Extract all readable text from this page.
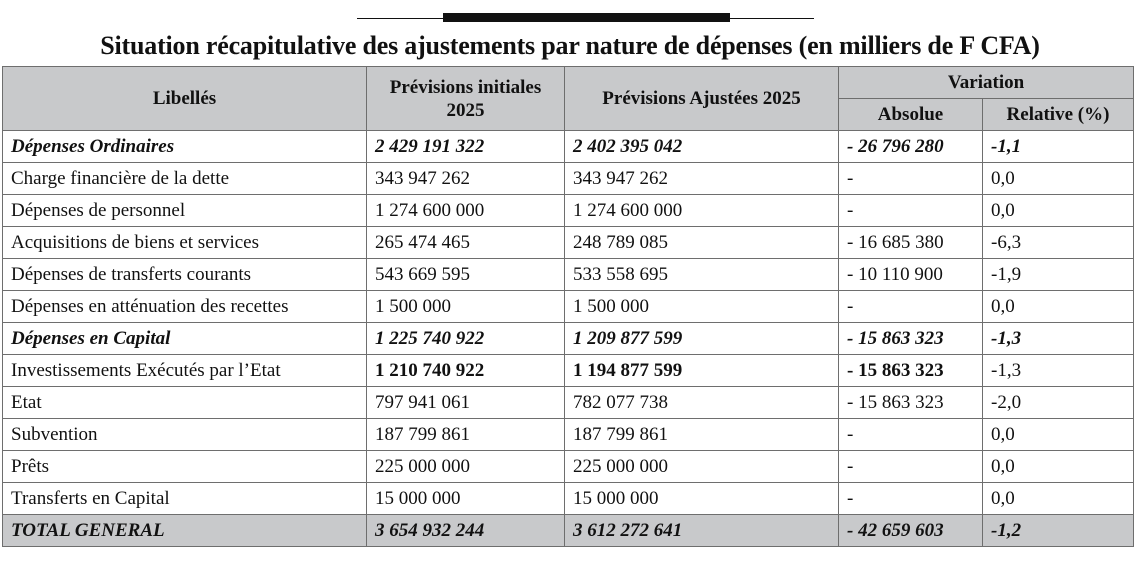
Situation récapitulative des ajustements par nature de dépenses (en milliers de F CFA)
Libellés	Prévisions initiales 2025	Prévisions Ajustées 2025	Variation	
			Absolue	Relative (%)
Dépenses Ordinaires	2 429 191 322	2 402 395 042	- 26 796 280	-1,1
Charge financière de la dette	343 947 262	343 947 262	-	0,0
Dépenses de personnel	1 274 600 000	1 274 600 000	-	0,0
Acquisitions de biens et services	265 474 465	248 789 085	- 16 685 380	-6,3
Dépenses de transferts courants	543 669 595	533 558 695	- 10 110 900	-1,9
Dépenses en atténuation des recettes	1 500 000	1 500 000	-	0,0
Dépenses en Capital	1 225 740 922	1 209 877 599	- 15 863 323	-1,3
Investissements Exécutés par l’Etat	1 210 740 922	1 194 877 599	- 15 863 323	-1,3
Etat	797 941 061	782 077 738	- 15 863 323	-2,0
Subvention	187 799 861	187 799 861	-	0,0
Prêts	225 000 000	225 000 000	-	0,0
Transferts en Capital	15 000 000	15 000 000	-	0,0
TOTAL GENERAL	3 654 932 244	3 612 272 641	- 42 659 603	-1,2
